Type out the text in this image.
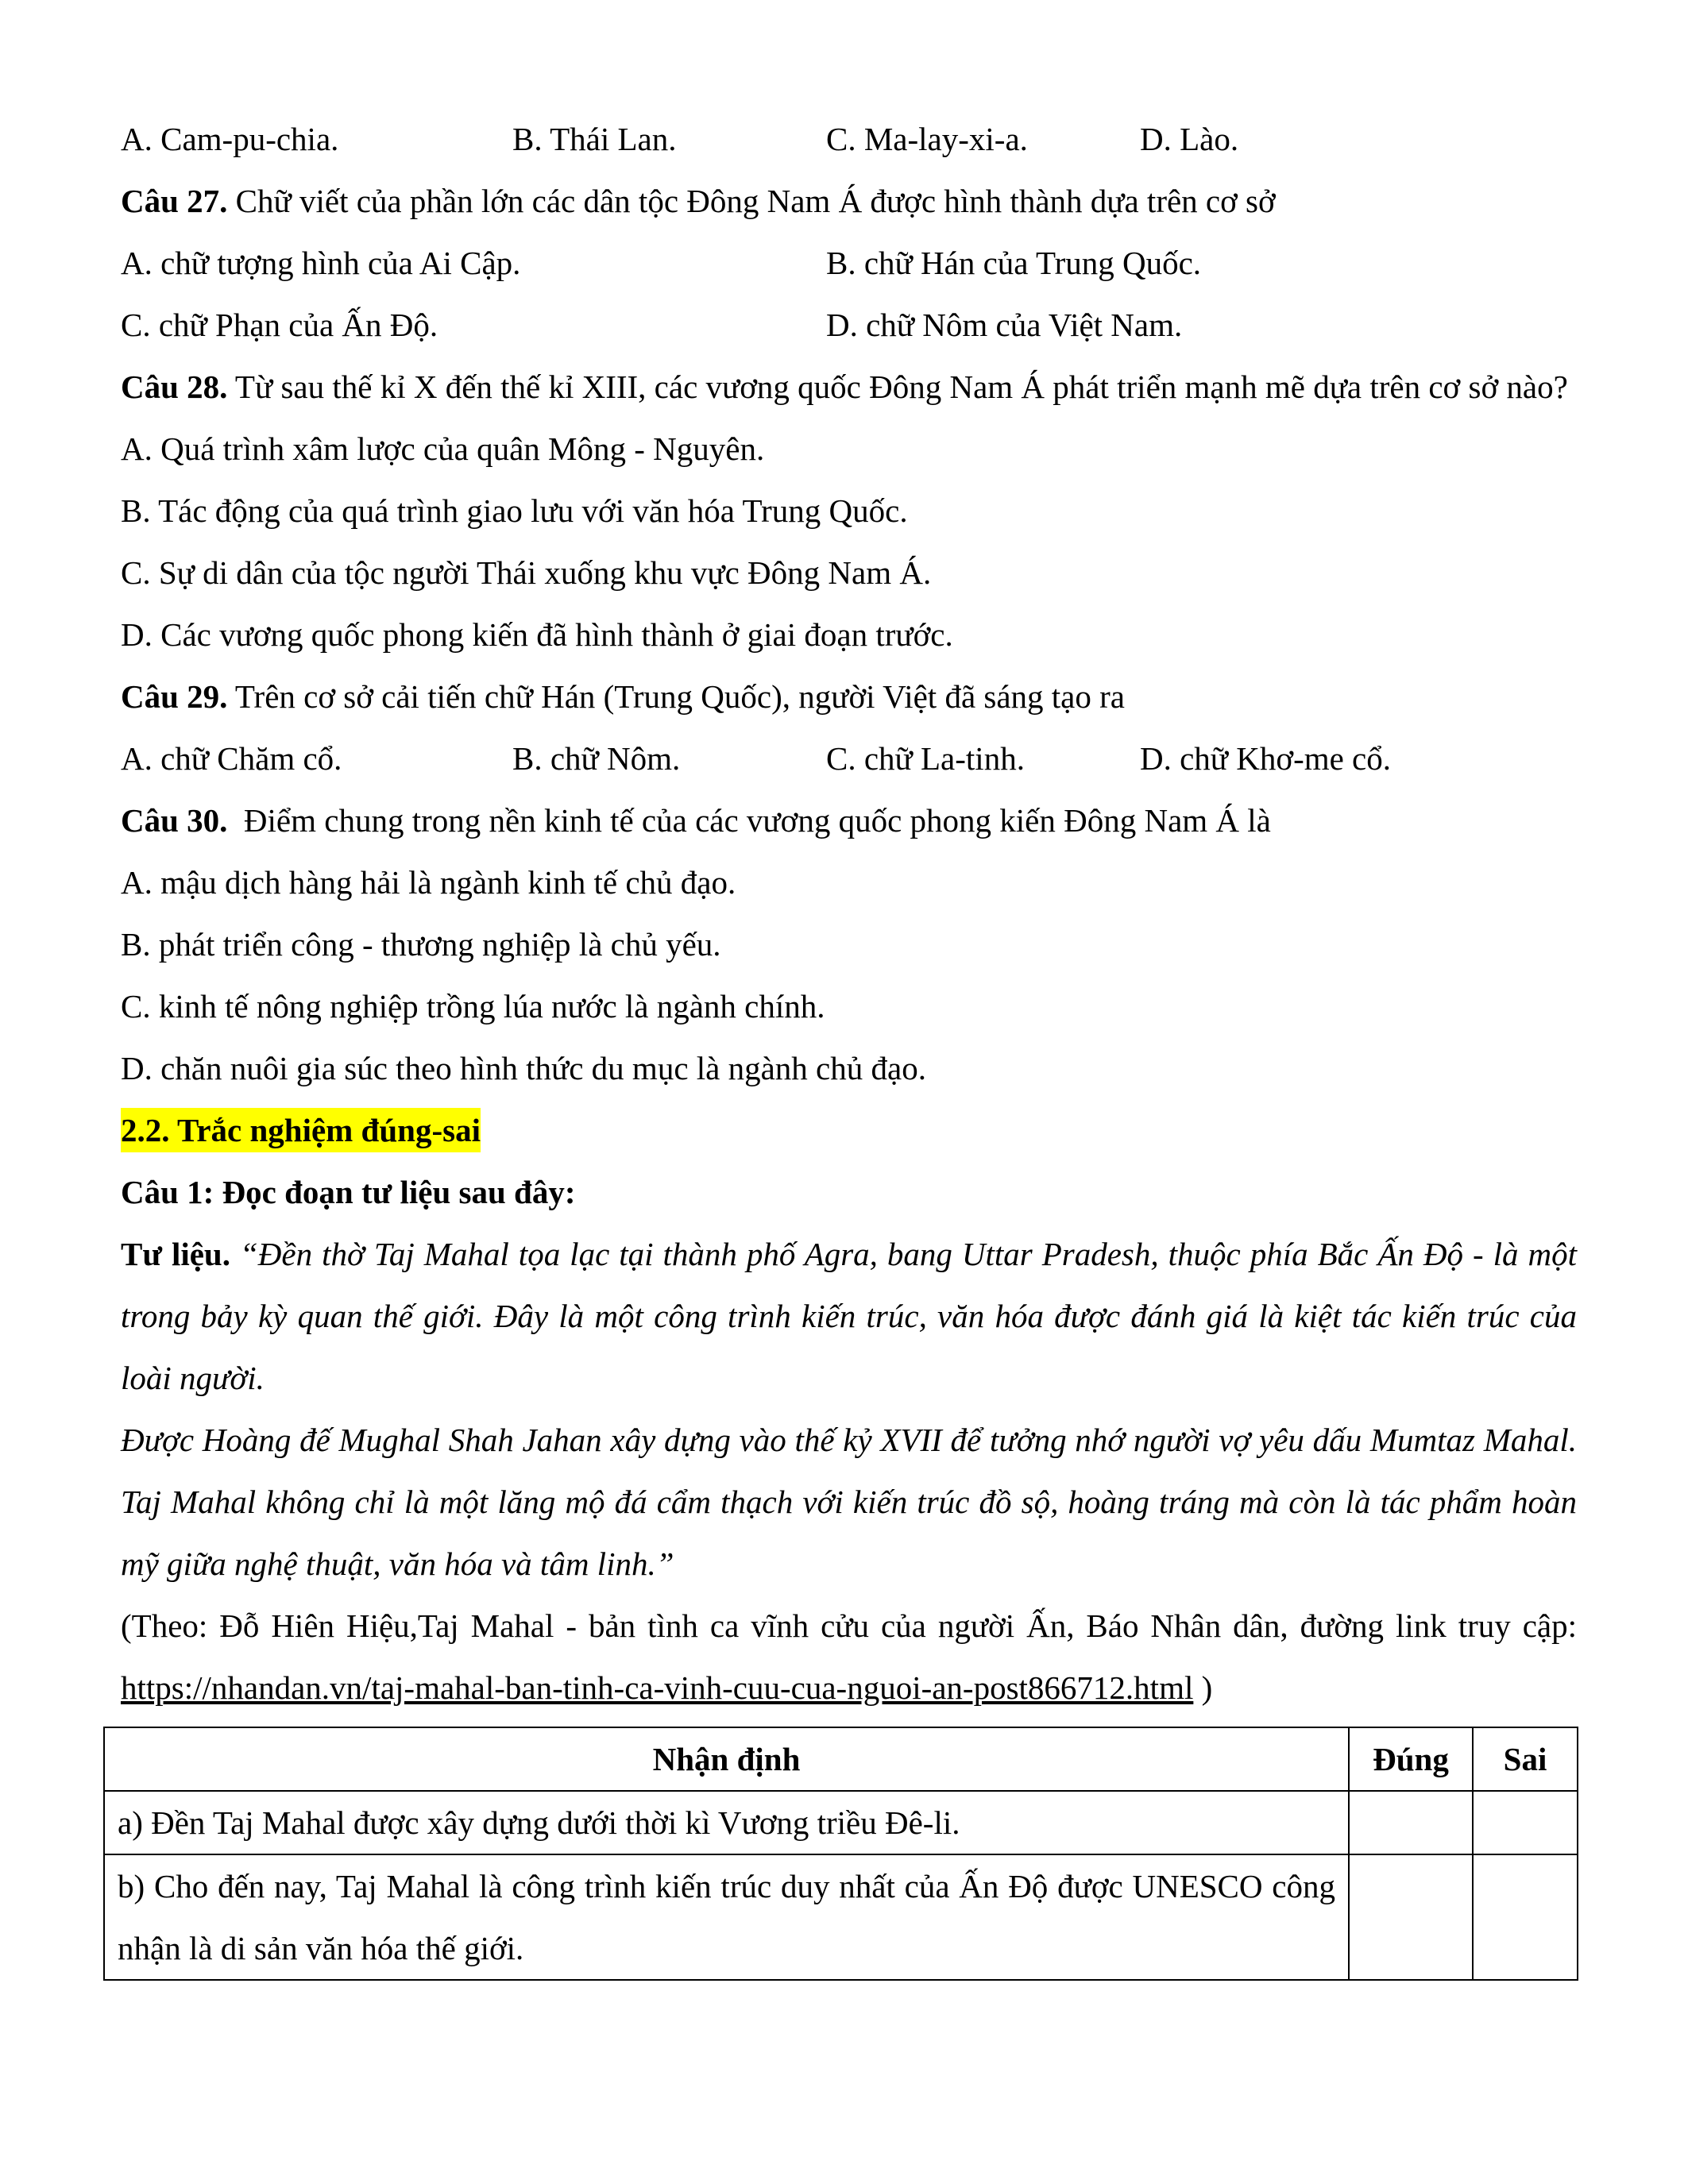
A. Cam-pu-chia.	B. Thái Lan.	C. Ma-lay-xi-a.	D. Lào.
Câu 27. Chữ viết của phần lớn các dân tộc Đông Nam Á được hình thành dựa trên cơ sở
A. chữ tượng hình của Ai Cập.	B. chữ Hán của Trung Quốc.
C. chữ Phạn của Ấn Độ.	D. chữ Nôm của Việt Nam.
Câu 28. Từ sau thế kỉ X đến thế kỉ XIII, các vương quốc Đông Nam Á phát triển mạnh mẽ dựa trên cơ sở nào?
A. Quá trình xâm lược của quân Mông - Nguyên.
B. Tác động của quá trình giao lưu với văn hóa Trung Quốc.
C. Sự di dân của tộc người Thái xuống khu vực Đông Nam Á.
D. Các vương quốc phong kiến đã hình thành ở giai đoạn trước.
Câu 29. Trên cơ sở cải tiến chữ Hán (Trung Quốc), người Việt đã sáng tạo ra
A. chữ Chăm cổ.	B. chữ Nôm.	C. chữ La-tinh.	D. chữ Khơ-me cổ.
Câu 30.  Điểm chung trong nền kinh tế của các vương quốc phong kiến Đông Nam Á là
A. mậu dịch hàng hải là ngành kinh tế chủ đạo.
B. phát triển công - thương nghiệp là chủ yếu.
C. kinh tế nông nghiệp trồng lúa nước là ngành chính.
D. chăn nuôi gia súc theo hình thức du mục là ngành chủ đạo.
2.2. Trắc nghiệm đúng-sai
Câu 1: Đọc đoạn tư liệu sau đây:
Tư liệu. “Đền thờ Taj Mahal tọa lạc tại thành phố Agra, bang Uttar Pradesh, thuộc phía Bắc Ấn Độ - là một trong bảy kỳ quan thế giới. Đây là một công trình kiến trúc, văn hóa được đánh giá là kiệt tác kiến trúc của loài người.
Được Hoàng đế Mughal Shah Jahan xây dựng vào thế kỷ XVII để tưởng nhớ người vợ yêu dấu Mumtaz Mahal. Taj Mahal không chỉ là một lăng mộ đá cẩm thạch với kiến trúc đồ sộ, hoàng tráng mà còn là tác phẩm hoàn mỹ giữa nghệ thuật, văn hóa và tâm linh.”
(Theo: Đỗ Hiên Hiệu,Taj Mahal - bản tình ca vĩnh cửu của người Ấn, Báo Nhân dân, đường link truy cập: https://nhandan.vn/taj-mahal-ban-tinh-ca-vinh-cuu-cua-nguoi-an-post866712.html )
Nhận định	Đúng	Sai
a) Đền Taj Mahal được xây dựng dưới thời kì Vương triều Đê-li.		
b) Cho đến nay, Taj Mahal là công trình kiến trúc duy nhất của Ấn Độ được UNESCO công nhận là di sản văn hóa thế giới.		
